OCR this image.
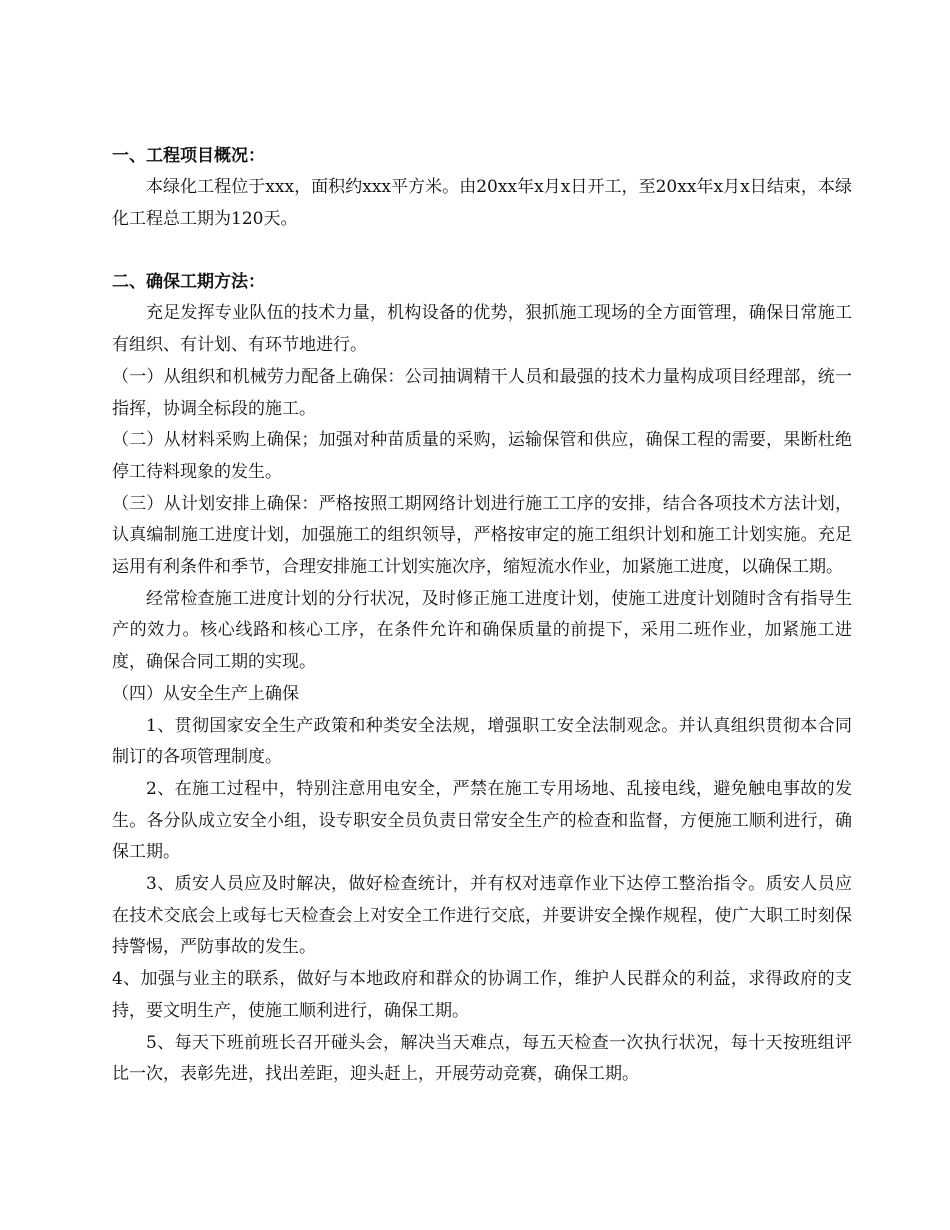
一、工程项目概况：

本绿化工程位于xxx，面积约xxx平方米。由20xx年x月x日开工，至20xx年x月x日结束，本绿化工程总工期为120天。

二、确保工期方法：

充足发挥专业队伍的技术力量，机构设备的优势，狠抓施工现场的全方面管理，确保日常施工有组织、有计划、有环节地进行。

（一）从组织和机械劳力配备上确保：公司抽调精干人员和最强的技术力量构成项目经理部，统一指挥，协调全标段的施工。

（二）从材料采购上确保；加强对种苗质量的采购，运输保管和供应，确保工程的需要，果断杜绝停工待料现象的发生。

（三）从计划安排上确保：严格按照工期网络计划进行施工工序的安排，结合各项技术方法计划，认真编制施工进度计划，加强施工的组织领导，严格按审定的施工组织计划和施工计划实施。充足运用有利条件和季节，合理安排施工计划实施次序，缩短流水作业，加紧施工进度，以确保工期。

经常检查施工进度计划的分行状况，及时修正施工进度计划，使施工进度计划随时含有指导生产的效力。核心线路和核心工序，在条件允许和确保质量的前提下，采用二班作业，加紧施工进度，确保合同工期的实现。

（四）从安全生产上确保

1、贯彻国家安全生产政策和种类安全法规，增强职工安全法制观念。并认真组织贯彻本合同制订的各项管理制度。

2、在施工过程中，特别注意用电安全，严禁在施工专用场地、乱接电线，避免触电事故的发生。各分队成立安全小组，设专职安全员负责日常安全生产的检查和监督，方便施工顺利进行，确保工期。

3、质安人员应及时解决，做好检查统计，并有权对违章作业下达停工整治指令。质安人员应在技术交底会上或每七天检查会上对安全工作进行交底，并要讲安全操作规程，使广大职工时刻保持警惕，严防事故的发生。

4、加强与业主的联系，做好与本地政府和群众的协调工作，维护人民群众的利益，求得政府的支持，要文明生产，使施工顺利进行，确保工期。

5、每天下班前班长召开碰头会，解决当天难点，每五天检查一次执行状况，每十天按班组评比一次，表彰先进，找出差距，迎头赶上，开展劳动竞赛，确保工期。
